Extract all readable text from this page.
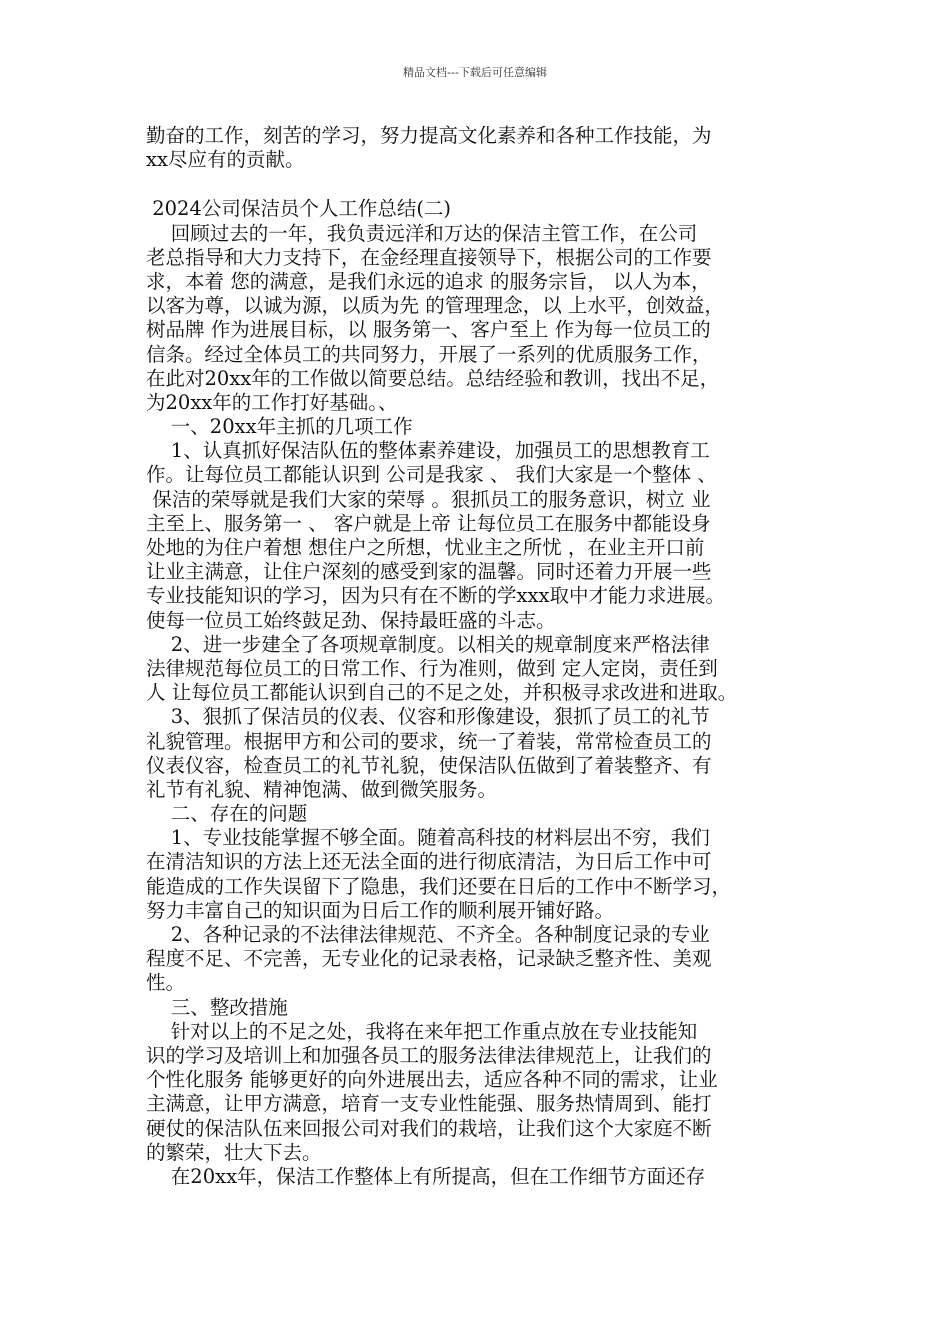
精品文档---下载后可任意编辑
勤奋的工作，刻苦的学习，努力提高文化素养和各种工作技能，为
xx尽应有的贡献。
2024公司保洁员个人工作总结(二)
回顾过去的一年，我负责远洋和万达的保洁主管工作，在公司
老总指导和大力支持下，在金经理直接领导下，根据公司的工作要
求，本着 您的满意，是我们永远的追求 的服务宗旨， 以人为本，
以客为尊，以诚为源，以质为先 的管理理念，以 上水平，创效益，
树品牌 作为进展目标，以 服务第一、客户至上 作为每一位员工的
信条。经过全体员工的共同努力，开展了一系列的优质服务工作，
在此对20xx年的工作做以简要总结。总结经验和教训，找出不足，
为20xx年的工作打好基础。、
一、20xx年主抓的几项工作
1、认真抓好保洁队伍的整体素养建设，加强员工的思想教育工
作。让每位员工都能认识到 公司是我家 、 我们大家是一个整体 、
保洁的荣辱就是我们大家的荣辱 。狠抓员工的服务意识，树立 业
主至上、服务第一 、 客户就是上帝 让每位员工在服务中都能设身
处地的为住户着想 想住户之所想，忧业主之所忧 ，在业主开口前
让业主满意，让住户深刻的感受到家的温馨。同时还着力开展一些
专业技能知识的学习，因为只有在不断的学xxx取中才能力求进展。
使每一位员工始终鼓足劲、保持最旺盛的斗志。
2、进一步建全了各项规章制度。以相关的规章制度来严格法律
法律规范每位员工的日常工作、行为准则，做到 定人定岗，责任到
人 让每位员工都能认识到自己的不足之处，并积极寻求改进和进取。
3、狠抓了保洁员的仪表、仪容和形像建设，狠抓了员工的礼节
礼貌管理。根据甲方和公司的要求，统一了着装，常常检查员工的
仪表仪容，检查员工的礼节礼貌，使保洁队伍做到了着装整齐、有
礼节有礼貌、精神饱满、做到微笑服务。
二、存在的问题
1、专业技能掌握不够全面。随着高科技的材料层出不穷，我们
在清洁知识的方法上还无法全面的进行彻底清洁，为日后工作中可
能造成的工作失误留下了隐患，我们还要在日后的工作中不断学习，
努力丰富自己的知识面为日后工作的顺利展开铺好路。
2、各种记录的不法律法律规范、不齐全。各种制度记录的专业
程度不足、不完善，无专业化的记录表格，记录缺乏整齐性、美观
性。
三、整改措施
针对以上的不足之处，我将在来年把工作重点放在专业技能知
识的学习及培训上和加强各员工的服务法律法律规范上，让我们的
个性化服务 能够更好的向外进展出去，适应各种不同的需求，让业
主满意，让甲方满意，培育一支专业性能强、服务热情周到、能打
硬仗的保洁队伍来回报公司对我们的栽培，让我们这个大家庭不断
的繁荣，壮大下去。
在20xx年，保洁工作整体上有所提高，但在工作细节方面还存
